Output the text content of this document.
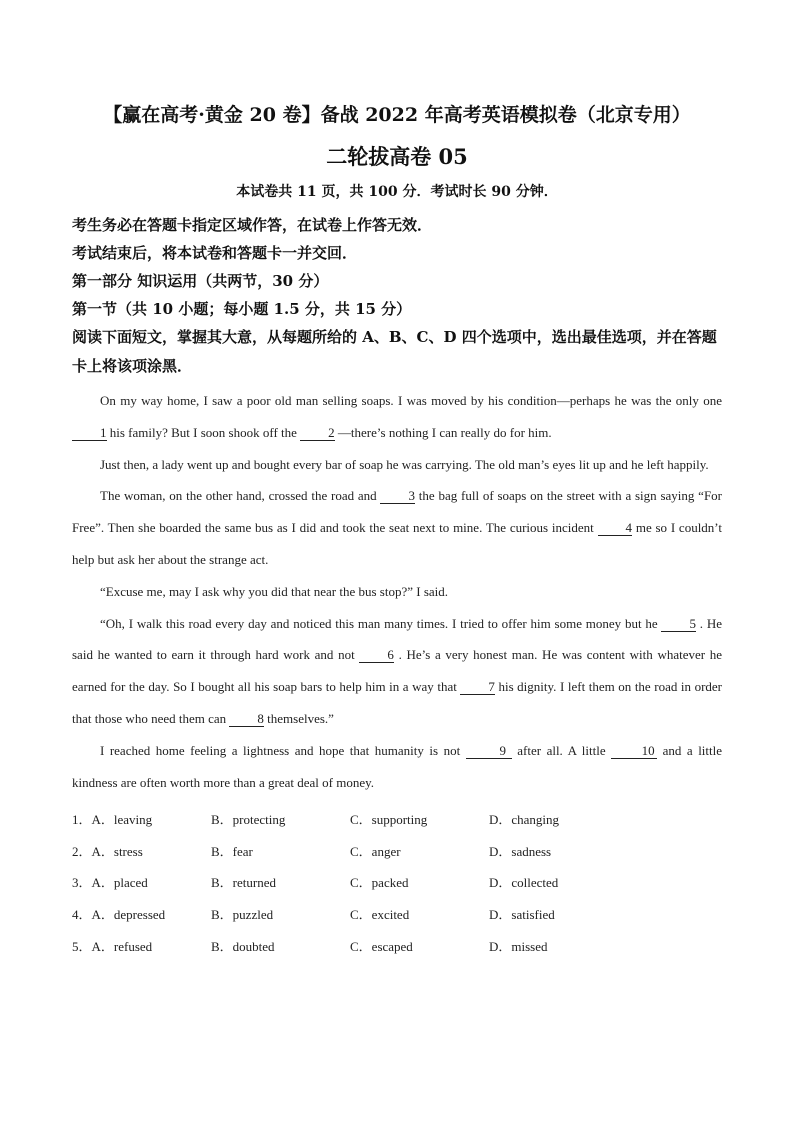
【赢在高考·黄金 20 卷】备战 2022 年高考英语模拟卷（北京专用）
二轮拔高卷 05
本试卷共 11 页，共 100 分．考试时长 90 分钟．

考生务必在答题卡指定区域作答，在试卷上作答无效．

考试结束后，将本试卷和答题卡一并交回．

第一部分 知识运用（共两节，30 分）

第一节（共 10 小题；每小题 1.5 分，共 15 分）

阅读下面短文，掌握其大意，从每题所给的 A、B、C、D 四个选项中，选出最佳选项，并在答题卡上将该项涂黑．

On my way home, I saw a poor old man selling soaps. I was moved by his condition—perhaps he was the only one 1 his family? But I soon shook off the 2 —there’s nothing I can really do for him.

Just then, a lady went up and bought every bar of soap he was carrying. The old man’s eyes lit up and he left happily.

The woman, on the other hand, crossed the road and 3 the bag full of soaps on the street with a sign saying “For Free”. Then she boarded the same bus as I did and took the seat next to mine. The curious incident 4 me so I couldn’t help but ask her about the strange act.

“Excuse me, may I ask why you did that near the bus stop?” I said.

“Oh, I walk this road every day and noticed this man many times. I tried to offer him some money but he 5 . He said he wanted to earn it through hard work and not	6 . He’s a very honest man. He was content with whatever he earned for the day. So I bought all his soap bars to help him in a way that 7 his dignity. I left them on the road in order that those who need them can 8 themselves.”

I reached home feeling a lightness and hope that humanity is not	9 after all. A little	10 and a little kindness are often worth more than a great deal of money.

1．A．leaving	B．protecting	C．supporting	D．changing
2．A．stress	B．fear	C．anger	D．sadness
3．A．placed	B．returned	C．packed	D．collected
4．A．depressed	B．puzzled	C．excited	D．satisfied
5．A．refused	B．doubted	C．escaped	D．missed
